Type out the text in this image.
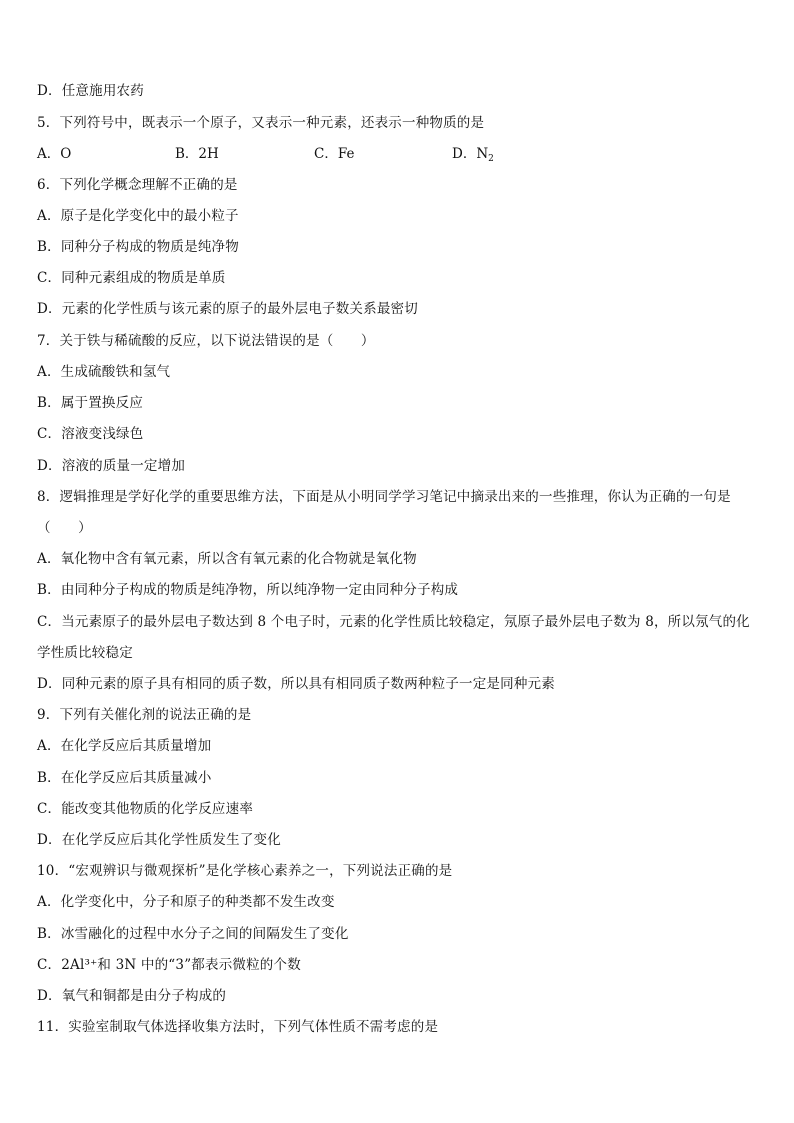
D．任意施用农药
5．下列符号中，既表示一个原子，又表示一种元素，还表示一种物质的是
A．O	B．2H	C．Fe	D．$N_2$
6．下列化学概念理解不正确的是
A．原子是化学变化中的最小粒子
B．同种分子构成的物质是纯净物
C．同种元素组成的物质是单质
D．元素的化学性质与该元素的原子的最外层电子数关系最密切
7．关于铁与稀硫酸的反应，以下说法错误的是（　　）
A．生成硫酸铁和氢气
B．属于置换反应
C．溶液变浅绿色
D．溶液的质量一定增加
8．逻辑推理是学好化学的重要思维方法，下面是从小明同学学习笔记中摘录出来的一些推理，你认为正确的一句是
（　　）
A．氧化物中含有氧元素，所以含有氧元素的化合物就是氧化物
B．由同种分子构成的物质是纯净物，所以纯净物一定由同种分子构成
C．当元素原子的最外层电子数达到 8 个电子时，元素的化学性质比较稳定，氖原子最外层电子数为 8，所以氖气的化
学性质比较稳定
D．同种元素的原子具有相同的质子数，所以具有相同质子数两种粒子一定是同种元素
9．下列有关催化剂的说法正确的是
A．在化学反应后其质量增加
B．在化学反应后其质量减小
C．能改变其他物质的化学反应速率
D．在化学反应后其化学性质发生了变化
10．“宏观辨识与微观探析”是化学核心素养之一，下列说法正确的是
A．化学变化中，分子和原子的种类都不发生改变
B．冰雪融化的过程中水分子之间的间隔发生了变化
C．2Al³⁺和 3N 中的“3”都表示微粒的个数
D．氧气和铜都是由分子构成的
11．实验室制取气体选择收集方法时，下列气体性质不需考虑的是
